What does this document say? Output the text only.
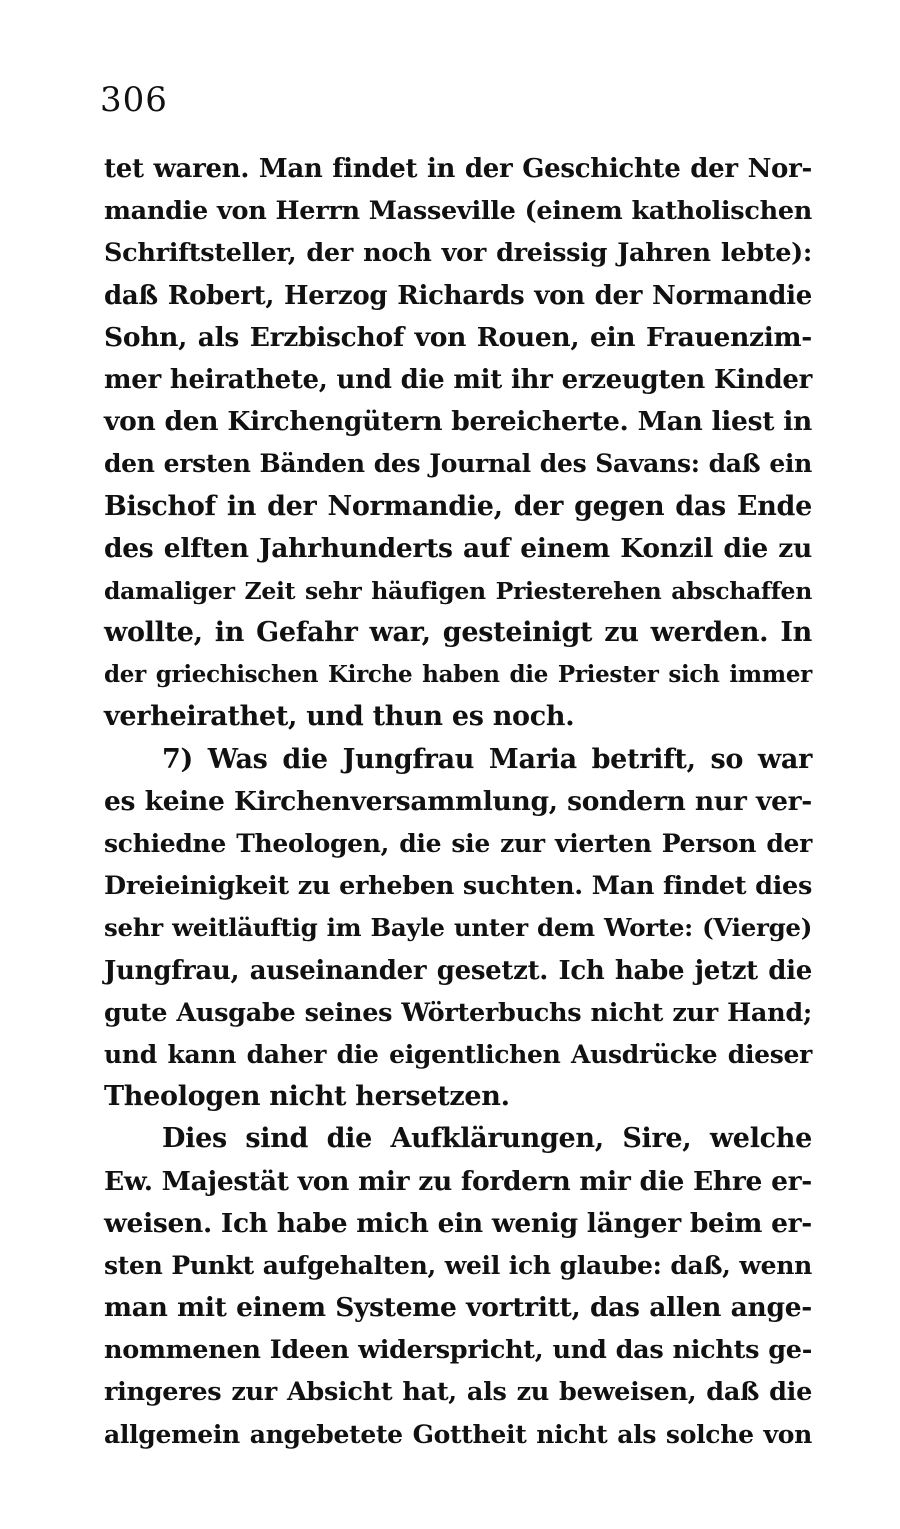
306
tet waren. Man findet in der Geschichte der Nor-
mandie von Herrn Masseville (einem katholischen
Schriftsteller, der noch vor dreissig Jahren lebte):
daß Robert, Herzog Richards von der Normandie
Sohn, als Erzbischof von Rouen, ein Frauenzim-
mer heirathete, und die mit ihr erzeugten Kinder
von den Kirchengütern bereicherte. Man liest in
den ersten Bänden des Journal des Savans: daß ein
Bischof in der Normandie, der gegen das Ende
des elften Jahrhunderts auf einem Konzil die zu
damaliger Zeit sehr häufigen Priesterehen abschaffen
wollte, in Gefahr war, gesteinigt zu werden. In
der griechischen Kirche haben die Priester sich immer
verheirathet, und thun es noch.
7) Was die Jungfrau Maria betrift, so war
es keine Kirchenversammlung, sondern nur ver-
schiedne Theologen, die sie zur vierten Person der
Dreieinigkeit zu erheben suchten. Man findet dies
sehr weitläuftig im Bayle unter dem Worte: (Vierge)
Jungfrau, auseinander gesetzt. Ich habe jetzt die
gute Ausgabe seines Wörterbuchs nicht zur Hand;
und kann daher die eigentlichen Ausdrücke dieser
Theologen nicht hersetzen.
Dies sind die Aufklärungen, Sire, welche
Ew. Majestät von mir zu fordern mir die Ehre er-
weisen. Ich habe mich ein wenig länger beim er-
sten Punkt aufgehalten, weil ich glaube: daß, wenn
man mit einem Systeme vortritt, das allen ange-
nommenen Ideen widerspricht, und das nichts ge-
ringeres zur Absicht hat, als zu beweisen, daß die
allgemein angebetete Gottheit nicht als solche von
